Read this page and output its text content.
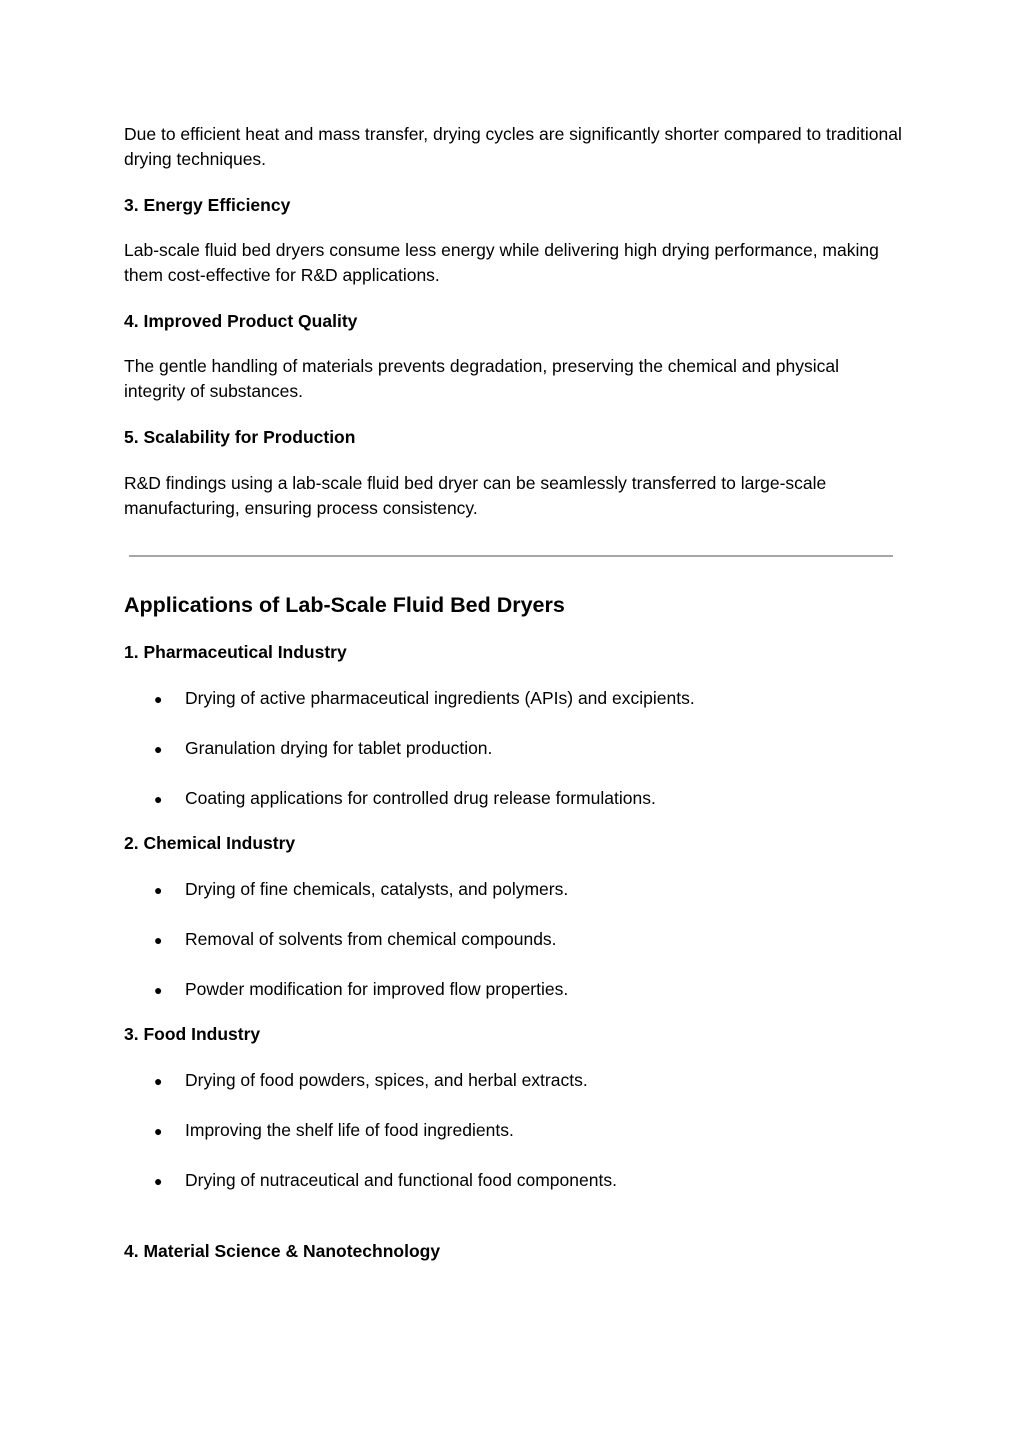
Due to efficient heat and mass transfer, drying cycles are significantly shorter compared to traditional drying techniques.

3. Energy Efficiency

Lab-scale fluid bed dryers consume less energy while delivering high drying performance, making them cost-effective for R&D applications.

4. Improved Product Quality

The gentle handling of materials prevents degradation, preserving the chemical and physical integrity of substances.

5. Scalability for Production

R&D findings using a lab-scale fluid bed dryer can be seamlessly transferred to large-scale manufacturing, ensuring process consistency.

Applications of Lab-Scale Fluid Bed Dryers

1. Pharmaceutical Industry

● Drying of active pharmaceutical ingredients (APIs) and excipients.

● Granulation drying for tablet production.

● Coating applications for controlled drug release formulations.

2. Chemical Industry

● Drying of fine chemicals, catalysts, and polymers.

● Removal of solvents from chemical compounds.

● Powder modification for improved flow properties.

3. Food Industry

● Drying of food powders, spices, and herbal extracts.

● Improving the shelf life of food ingredients.

● Drying of nutraceutical and functional food components.

4. Material Science & Nanotechnology
